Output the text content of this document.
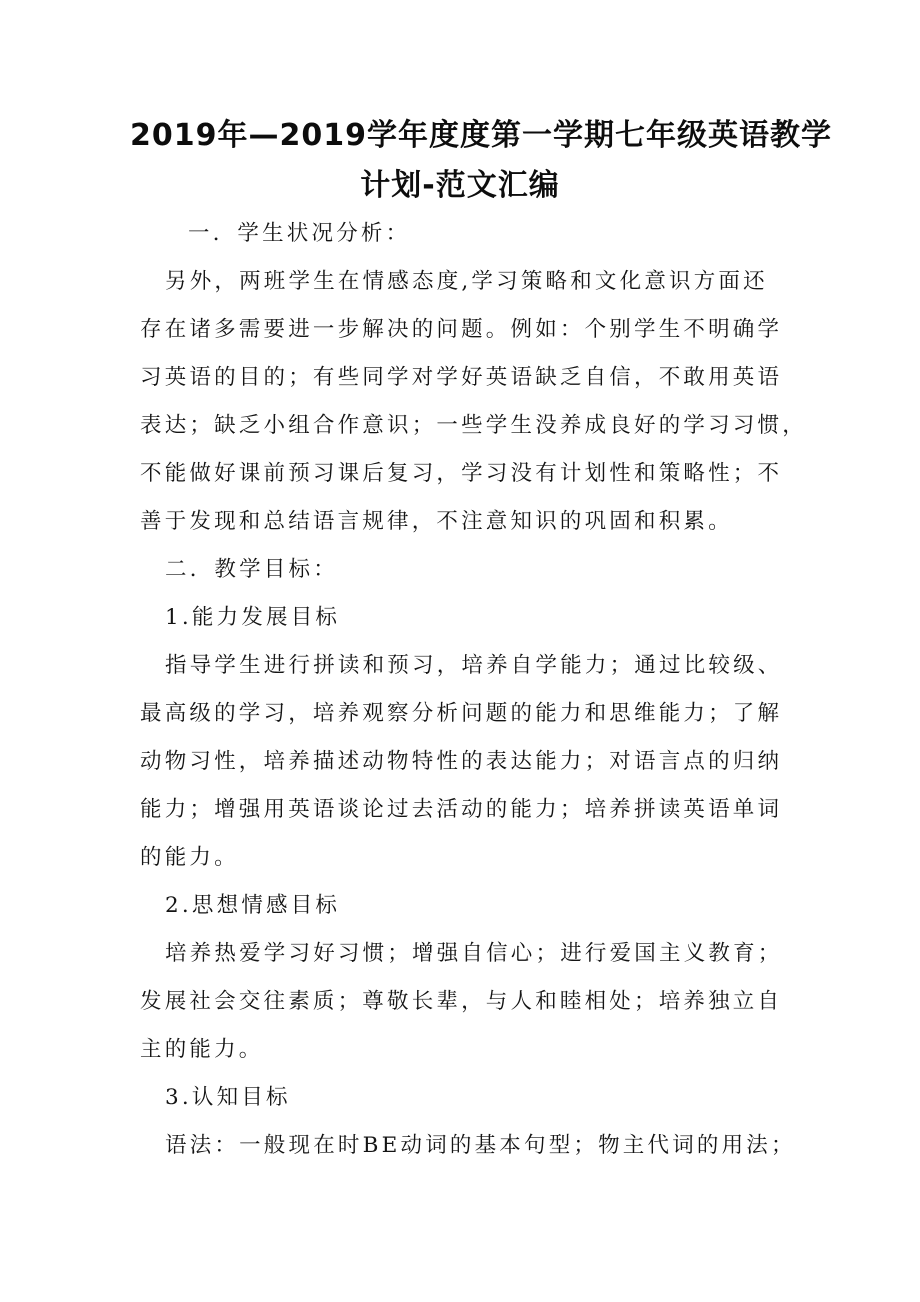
2019年—2019学年度度第一学期七年级英语教学
计划-范文汇编
一．学生状况分析：
另外，两班学生在情感态度,学习策略和文化意识方面还
存在诸多需要进一步解决的问题。例如：个别学生不明确学
习英语的目的；有些同学对学好英语缺乏自信，不敢用英语
表达；缺乏小组合作意识；一些学生没养成良好的学习习惯，
不能做好课前预习课后复习，学习没有计划性和策略性；不
善于发现和总结语言规律，不注意知识的巩固和积累。
二．教学目标：
1.能力发展目标
指导学生进行拼读和预习，培养自学能力；通过比较级、
最高级的学习，培养观察分析问题的能力和思维能力；了解
动物习性，培养描述动物特性的表达能力；对语言点的归纳
能力；增强用英语谈论过去活动的能力；培养拼读英语单词
的能力。
2.思想情感目标
培养热爱学习好习惯；增强自信心；进行爱国主义教育；
发展社会交往素质；尊敬长辈，与人和睦相处；培养独立自
主的能力。
3.认知目标
语法：一般现在时BE动词的基本句型；物主代词的用法；
